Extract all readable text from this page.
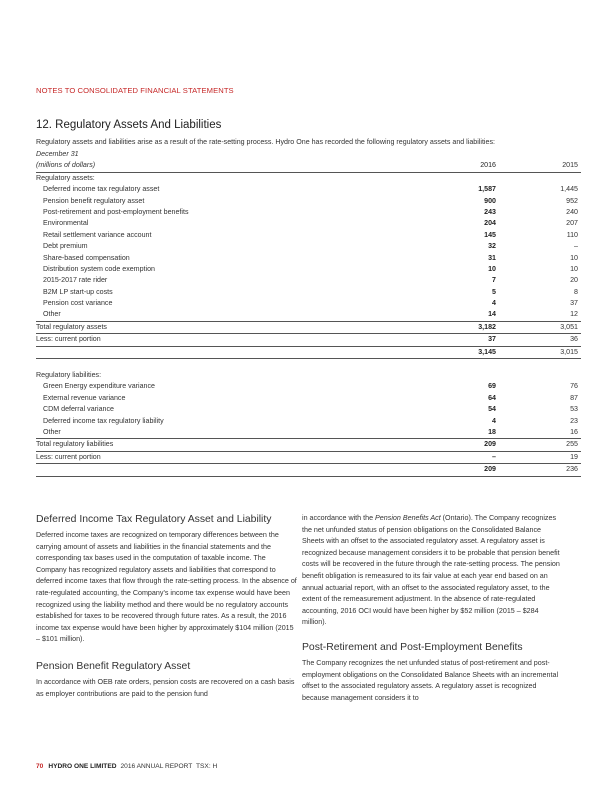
NOTES TO CONSOLIDATED FINANCIAL STATEMENTS
12. Regulatory Assets And Liabilities
Regulatory assets and liabilities arise as a result of the rate-setting process. Hydro One has recorded the following regulatory assets and liabilities:
December 31
(millions of dollars)	2016	2015
Regulatory assets:
Deferred income tax regulatory asset	1,587	1,445
Pension benefit regulatory asset	900	952
Post-retirement and post-employment benefits	243	240
Environmental	204	207
Retail settlement variance account	145	110
Debt premium	32	–
Share-based compensation	31	10
Distribution system code exemption	10	10
2015-2017 rate rider	7	20
B2M LP start-up costs	5	8
Pension cost variance	4	37
Other	14	12
Total regulatory assets	3,182	3,051
Less: current portion	37	36
3,145	3,015
Regulatory liabilities:
Green Energy expenditure variance	69	76
External revenue variance	64	87
CDM deferral variance	54	53
Deferred income tax regulatory liability	4	23
Other	18	16
Total regulatory liabilities	209	255
Less: current portion	–	19
209	236
Deferred Income Tax Regulatory Asset and Liability

Deferred income taxes are recognized on temporary differences between the carrying amount of assets and liabilities in the financial statements and the corresponding tax bases used in the computation of taxable income. The Company has recognized regulatory assets and liabilities that correspond to deferred income taxes that flow through the rate-setting process. In the absence of rate-regulated accounting, the Company’s income tax expense would have been recognized using the liability method and there would be no regulatory accounts established for taxes to be recovered through future rates. As a result, the 2016 income tax expense would have been higher by approximately $104 million (2015 – $101 million).

Pension Benefit Regulatory Asset

In accordance with OEB rate orders, pension costs are recovered on a cash basis as employer contributions are paid to the pension fund

in accordance with the Pension Benefits Act (Ontario). The Company recognizes the net unfunded status of pension obligations on the Consolidated Balance Sheets with an offset to the associated regulatory asset. A regulatory asset is recognized because management considers it to be probable that pension benefit costs will be recovered in the future through the rate-setting process. The pension benefit obligation is remeasured to its fair value at each year end based on an annual actuarial report, with an offset to the associated regulatory asset, to the extent of the remeasurement adjustment. In the absence of rate-regulated accounting, 2016 OCI would have been higher by $52 million (2015 – $284 million).

Post-Retirement and Post-Employment Benefits

The Company recognizes the net unfunded status of post-retirement and post-employment obligations on the Consolidated Balance Sheets with an incremental offset to the associated regulatory assets. A regulatory asset is recognized because management considers it to

70 HYDRO ONE LIMITED 2016 ANNUAL REPORT TSX: H
